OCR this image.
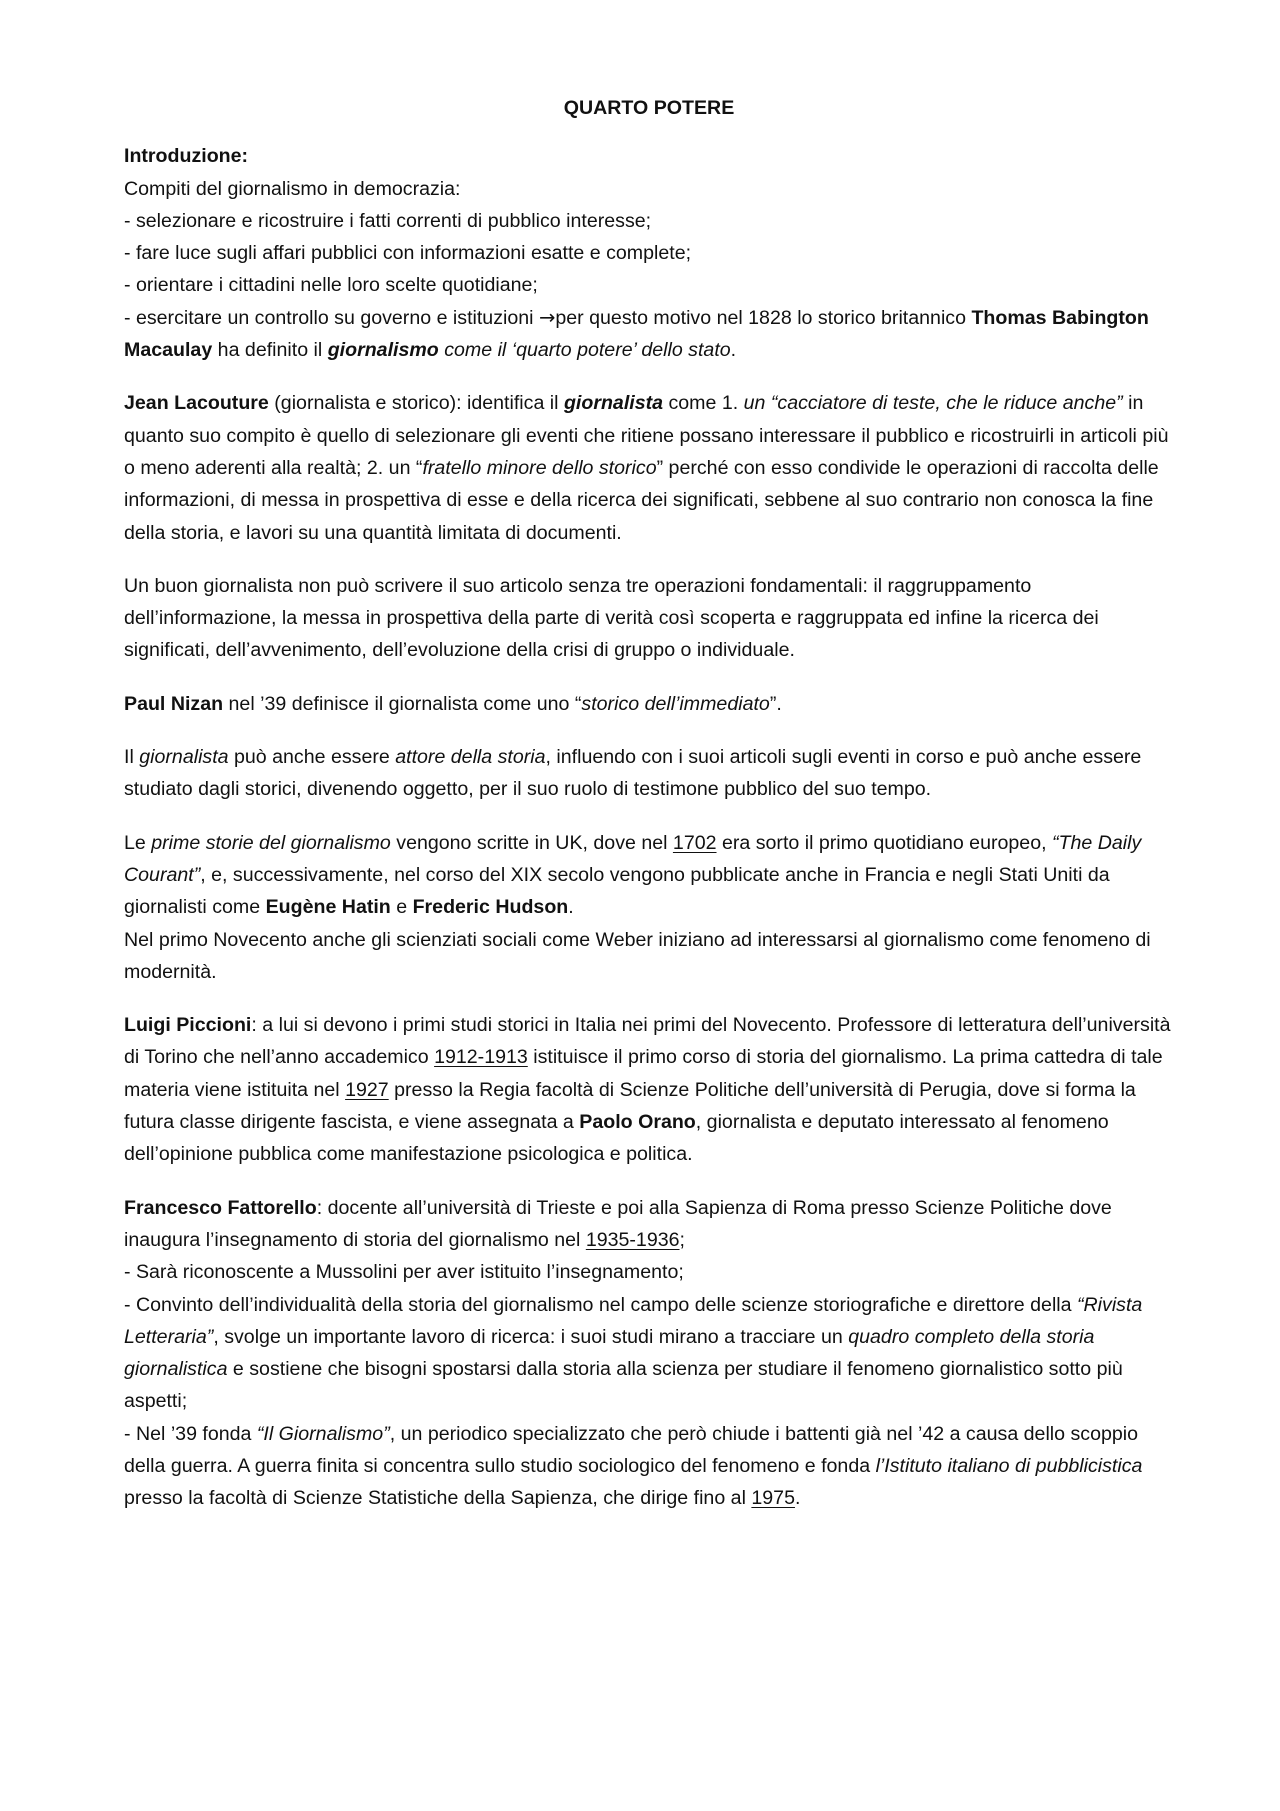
QUARTO POTERE

Introduzione:
Compiti del giornalismo in democrazia:
- selezionare e ricostruire i fatti correnti di pubblico interesse;
- fare luce sugli affari pubblici con informazioni esatte e complete;
- orientare i cittadini nelle loro scelte quotidiane;
- esercitare un controllo su governo e istituzioni →per questo motivo nel 1828 lo storico britannico Thomas Babington Macaulay ha definito il giornalismo come il ‘quarto potere’ dello stato.

Jean Lacouture (giornalista e storico): identifica il giornalista come 1. un “cacciatore di teste, che le riduce anche” in quanto suo compito è quello di selezionare gli eventi che ritiene possano interessare il pubblico e ricostruirli in articoli più o meno aderenti alla realtà; 2. un “fratello minore dello storico” perché con esso condivide le operazioni di raccolta delle informazioni, di messa in prospettiva di esse e della ricerca dei significati, sebbene al suo contrario non conosca la fine della storia, e lavori su una quantità limitata di documenti.

Un buon giornalista non può scrivere il suo articolo senza tre operazioni fondamentali: il raggruppamento dell’informazione, la messa in prospettiva della parte di verità così scoperta e raggruppata ed infine la ricerca dei significati, dell’avvenimento, dell’evoluzione della crisi di gruppo o individuale.

Paul Nizan nel ’39 definisce il giornalista come uno “storico dell’immediato”.

Il giornalista può anche essere attore della storia, influendo con i suoi articoli sugli eventi in corso e può anche essere studiato dagli storici, divenendo oggetto, per il suo ruolo di testimone pubblico del suo tempo.

Le prime storie del giornalismo vengono scritte in UK, dove nel 1702 era sorto il primo quotidiano europeo, “The Daily Courant”, e, successivamente, nel corso del XIX secolo vengono pubblicate anche in Francia e negli Stati Uniti da giornalisti come Eugène Hatin e Frederic Hudson.
Nel primo Novecento anche gli scienziati sociali come Weber iniziano ad interessarsi al giornalismo come fenomeno di modernità.

Luigi Piccioni: a lui si devono i primi studi storici in Italia nei primi del Novecento. Professore di letteratura dell’università di Torino che nell’anno accademico 1912-1913 istituisce il primo corso di storia del giornalismo. La prima cattedra di tale materia viene istituita nel 1927 presso la Regia facoltà di Scienze Politiche dell’università di Perugia, dove si forma la futura classe dirigente fascista, e viene assegnata a Paolo Orano, giornalista e deputato interessato al fenomeno dell’opinione pubblica come manifestazione psicologica e politica.

Francesco Fattorello: docente all’università di Trieste e poi alla Sapienza di Roma presso Scienze Politiche dove inaugura l’insegnamento di storia del giornalismo nel 1935-1936;
- Sarà riconoscente a Mussolini per aver istituito l’insegnamento;
- Convinto dell’individualità della storia del giornalismo nel campo delle scienze storiografiche e direttore della “Rivista Letteraria”, svolge un importante lavoro di ricerca: i suoi studi mirano a tracciare un quadro completo della storia giornalistica e sostiene che bisogni spostarsi dalla storia alla scienza per studiare il fenomeno giornalistico sotto più aspetti;
- Nel ’39 fonda “Il Giornalismo”, un periodico specializzato che però chiude i battenti già nel ’42 a causa dello scoppio della guerra. A guerra finita si concentra sullo studio sociologico del fenomeno e fonda l’Istituto italiano di pubblicistica presso la facoltà di Scienze Statistiche della Sapienza, che dirige fino al 1975.
